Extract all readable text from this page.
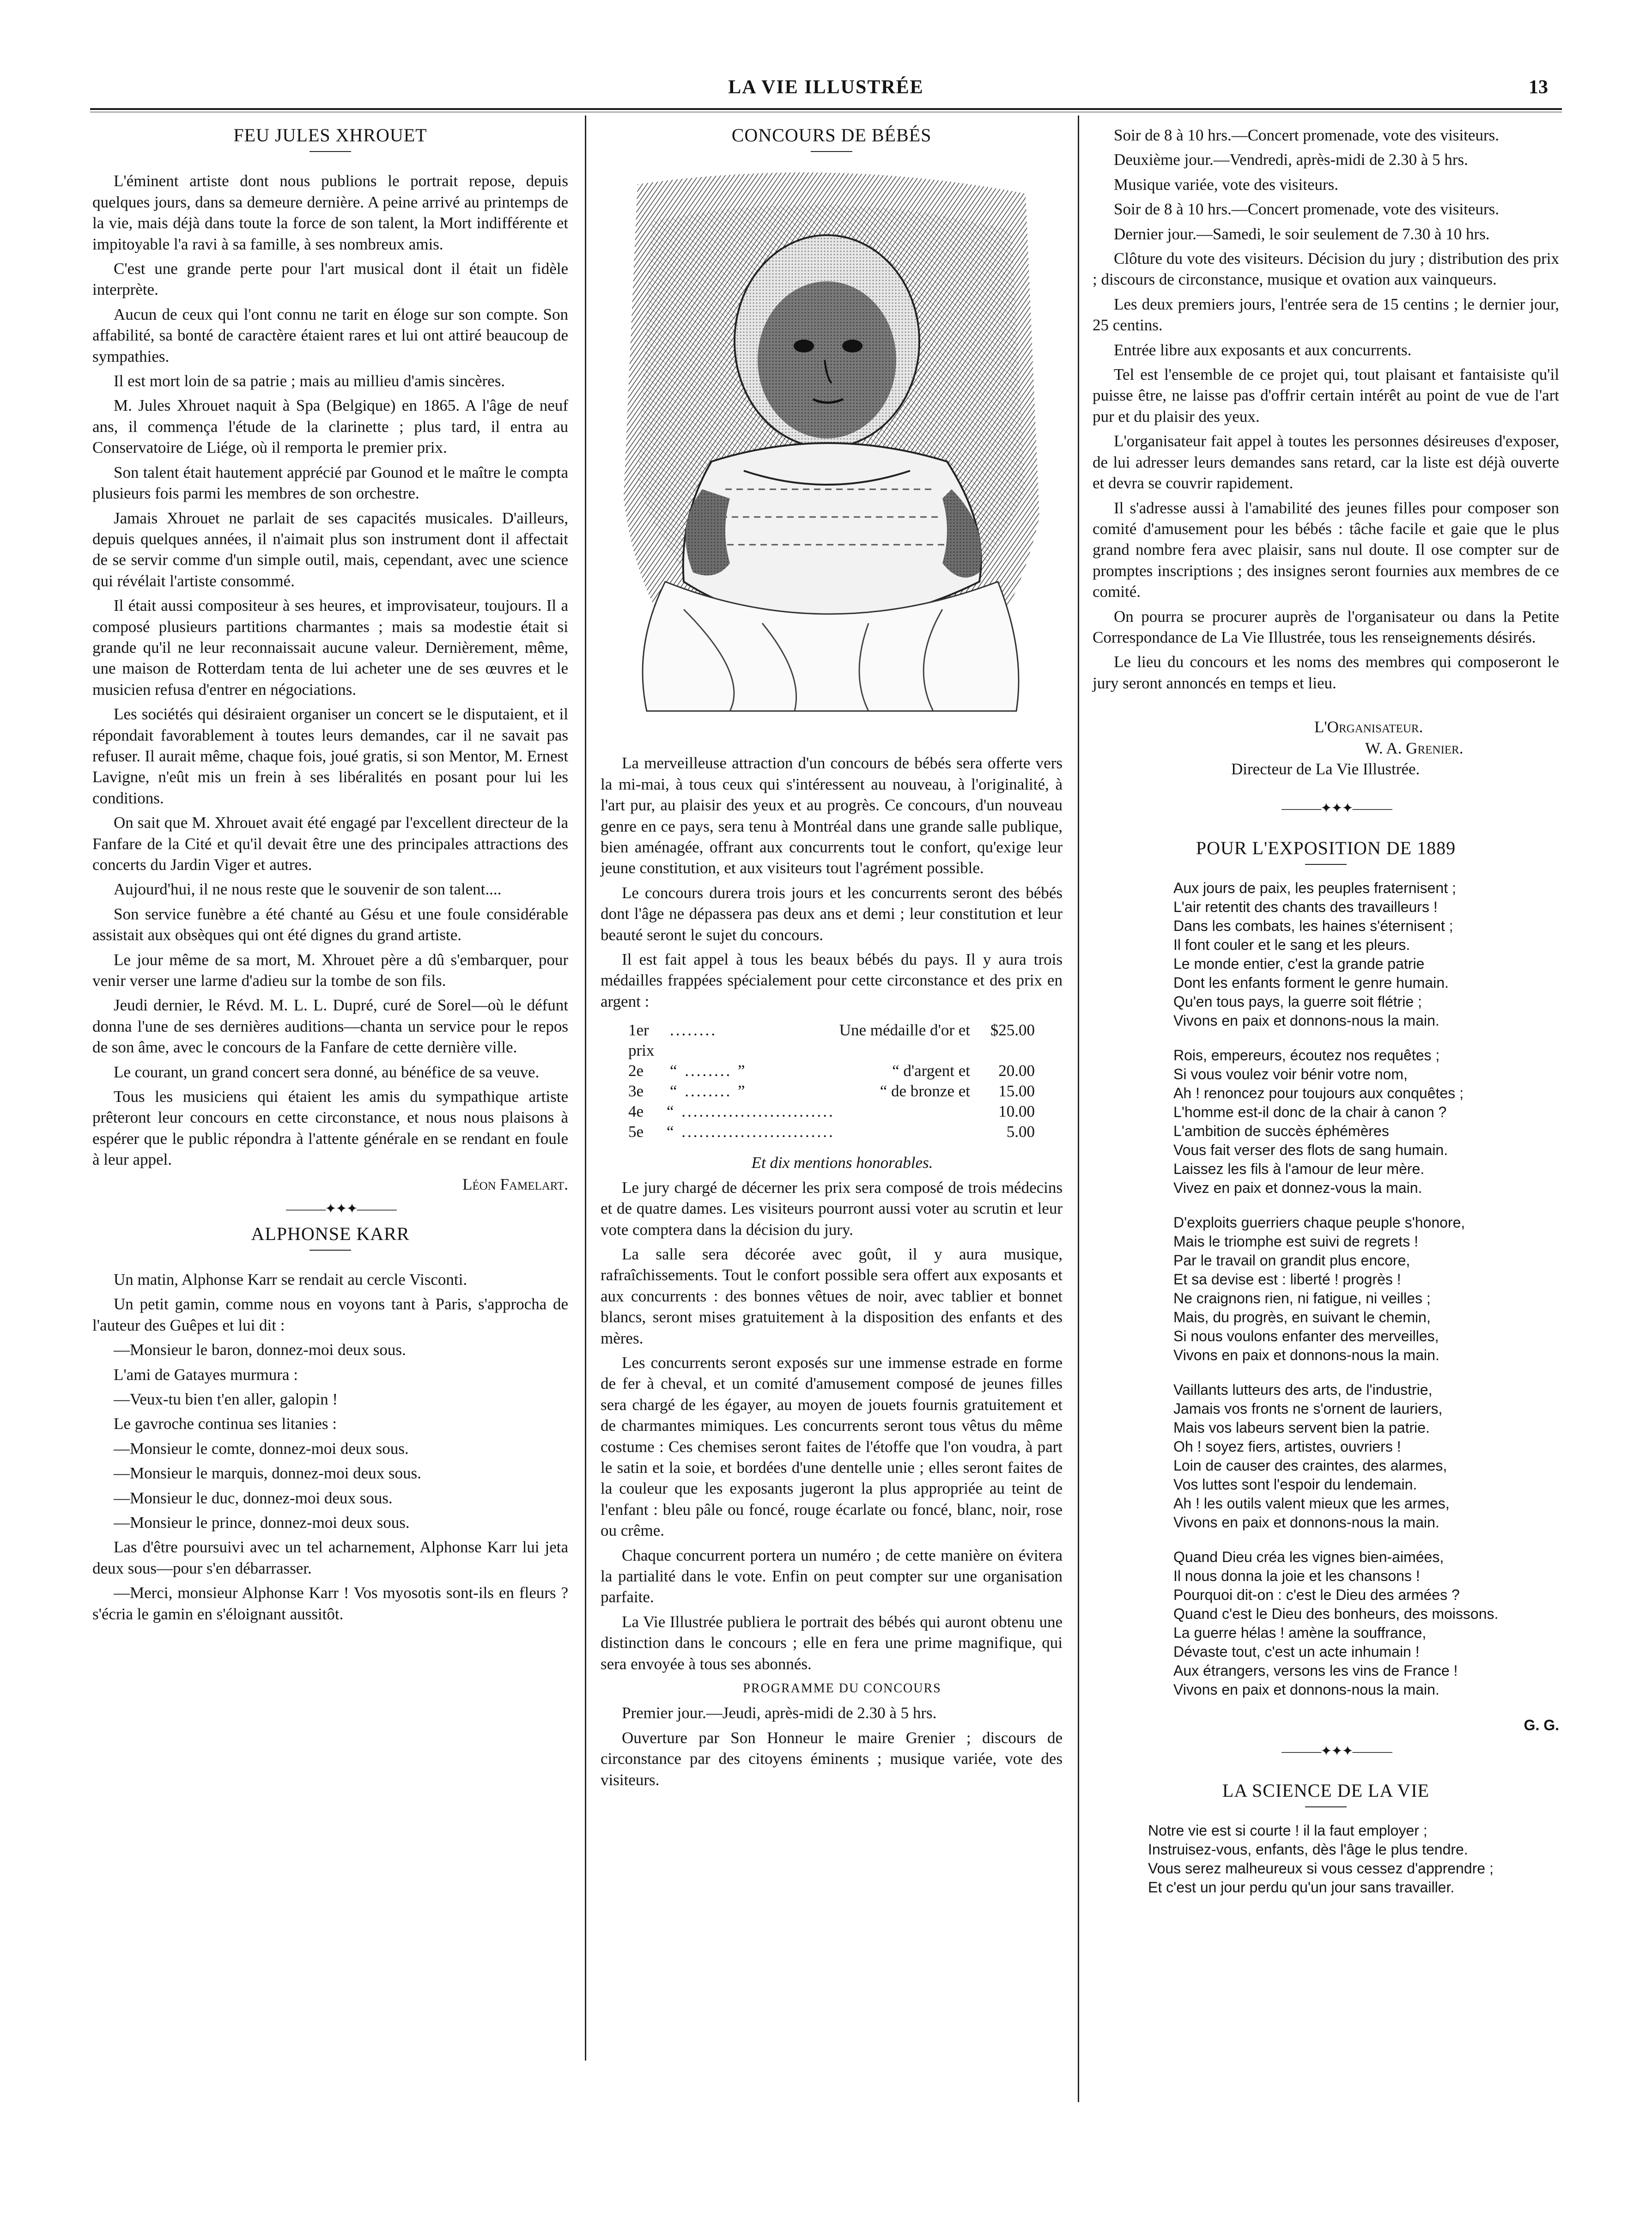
LA VIE ILLUSTRÉE	13
FEU JULES XHROUET

L'éminent artiste dont nous publions le portrait repose, depuis quelques jours, dans sa demeure dernière. A peine arrivé au printemps de la vie, mais déjà dans toute la force de son talent, la Mort indifférente et impitoyable l'a ravi à sa famille, à ses nombreux amis.

C'est une grande perte pour l'art musical dont il était un fidèle interprète.

Aucun de ceux qui l'ont connu ne tarit en éloge sur son compte. Son affabilité, sa bonté de caractère étaient rares et lui ont attiré beaucoup de sympathies.

Il est mort loin de sa patrie ; mais au millieu d'amis sincères.

M. Jules Xhrouet naquit à Spa (Belgique) en 1865. A l'âge de neuf ans, il commença l'étude de la clarinette ; plus tard, il entra au Conservatoire de Liége, où il remporta le premier prix.

Son talent était hautement apprécié par Gounod et le maître le compta plusieurs fois parmi les membres de son orchestre.

Jamais Xhrouet ne parlait de ses capacités musicales. D'ailleurs, depuis quelques années, il n'aimait plus son instrument dont il affectait de se servir comme d'un simple outil, mais, cependant, avec une science qui révélait l'artiste consommé.

Il était aussi compositeur à ses heures, et improvisateur, toujours. Il a composé plusieurs partitions charmantes ; mais sa modestie était si grande qu'il ne leur reconnaissait aucune valeur. Dernièrement, même, une maison de Rotterdam tenta de lui acheter une de ses œuvres et le musicien refusa d'entrer en négociations.

Les sociétés qui désiraient organiser un concert se le disputaient, et il répondait favorablement à toutes leurs demandes, car il ne savait pas refuser. Il aurait même, chaque fois, joué gratis, si son Mentor, M. Ernest Lavigne, n'eût mis un frein à ses libéralités en posant pour lui les conditions.

On sait que M. Xhrouet avait été engagé par l'excellent directeur de la Fanfare de la Cité et qu'il devait être une des principales attractions des concerts du Jardin Viger et autres.

Aujourd'hui, il ne nous reste que le souvenir de son talent....

Son service funèbre a été chanté au Gésu et une foule considérable assistait aux obsèques qui ont été dignes du grand artiste.

Le jour même de sa mort, M. Xhrouet père a dû s'embarquer, pour venir verser une larme d'adieu sur la tombe de son fils.

Jeudi dernier, le Révd. M. L. L. Dupré, curé de Sorel—où le défunt donna l'une de ses dernières auditions—chanta un service pour le repos de son âme, avec le concours de la Fanfare de cette dernière ville.

Le courant, un grand concert sera donné, au bénéfice de sa veuve.

Tous les musiciens qui étaient les amis du sympathique artiste prêteront leur concours en cette circonstance, et nous nous plaisons à espérer que le public répondra à l'attente générale en se rendant en foule à leur appel.

Léon Famelart.

———✦✦✦———

ALPHONSE KARR

Un matin, Alphonse Karr se rendait au cercle Visconti.

Un petit gamin, comme nous en voyons tant à Paris, s'approcha de l'auteur des Guêpes et lui dit :

—Monsieur le baron, donnez-moi deux sous.

L'ami de Gatayes murmura :

—Veux-tu bien t'en aller, galopin !

Le gavroche continua ses litanies :

—Monsieur le comte, donnez-moi deux sous.

—Monsieur le marquis, donnez-moi deux sous.

—Monsieur le duc, donnez-moi deux sous.

—Monsieur le prince, donnez-moi deux sous.

Las d'être poursuivi avec un tel acharnement, Alphonse Karr lui jeta deux sous—pour s'en débarrasser.

—Merci, monsieur Alphonse Karr ! Vos myosotis sont-ils en fleurs ? s'écria le gamin en s'éloignant aussitôt.

CONCOURS DE BÉBÉS

La merveilleuse attraction d'un concours de bébés sera offerte vers la mi-mai, à tous ceux qui s'intéressent au nouveau, à l'originalité, à l'art pur, au plaisir des yeux et au progrès. Ce concours, d'un nouveau genre en ce pays, sera tenu à Montréal dans une grande salle publique, bien aménagée, offrant aux concurrents tout le confort, qu'exige leur jeune constitution, et aux visiteurs tout l'agrément possible.

Le concours durera trois jours et les concurrents seront des bébés dont l'âge ne dépassera pas deux ans et demi ; leur constitution et leur beauté seront le sujet du concours.

Il est fait appel à tous les beaux bébés du pays. Il y aura trois médailles frappées spécialement pour cette circonstance et des prix en argent :

1er prix
........	Une médaille d'or et	$25.00
2e	“ ........ ”	“ d'argent et	20.00
3e	“ ........ ”	“ de bronze et	15.00
4e	“ ..........................	10.00
5e	“ ..........................	5.00

Et dix mentions honorables.

Le jury chargé de décerner les prix sera composé de trois médecins et de quatre dames. Les visiteurs pourront aussi voter au scrutin et leur vote comptera dans la décision du jury.

La salle sera décorée avec goût, il y aura musique, rafraîchissements. Tout le confort possible sera offert aux exposants et aux concurrents : des bonnes vêtues de noir, avec tablier et bonnet blancs, seront mises gratuitement à la disposition des enfants et des mères.

Les concurrents seront exposés sur une immense estrade en forme de fer à cheval, et un comité d'amusement composé de jeunes filles sera chargé de les égayer, au moyen de jouets fournis gratuitement et de charmantes mimiques. Les concurrents seront tous vêtus du même costume : Ces chemises seront faites de l'étoffe que l'on voudra, à part le satin et la soie, et bordées d'une dentelle unie ; elles seront faites de la couleur que les exposants jugeront la plus appropriée au teint de l'enfant : bleu pâle ou foncé, rouge écarlate ou foncé, blanc, noir, rose ou crême.

Chaque concurrent portera un numéro ; de cette manière on évitera la partialité dans le vote. Enfin on peut compter sur une organisation parfaite.

La Vie Illustrée publiera le portrait des bébés qui auront obtenu une distinction dans le concours ; elle en fera une prime magnifique, qui sera envoyée à tous ses abonnés.

PROGRAMME DU CONCOURS

Premier jour.—Jeudi, après-midi de 2.30 à 5 hrs.

Ouverture par Son Honneur le maire Grenier ; discours de circonstance par des citoyens éminents ; musique variée, vote des visiteurs.

Soir de 8 à 10 hrs.—Concert promenade, vote des visiteurs.

Deuxième jour.—Vendredi, après-midi de 2.30 à 5 hrs.

Musique variée, vote des visiteurs.

Soir de 8 à 10 hrs.—Concert promenade, vote des visiteurs.

Dernier jour.—Samedi, le soir seulement de 7.30 à 10 hrs.

Clôture du vote des visiteurs. Décision du jury ; distribution des prix ; discours de circonstance, musique et ovation aux vainqueurs.

Les deux premiers jours, l'entrée sera de 15 centins ; le dernier jour, 25 centins.

Entrée libre aux exposants et aux concurrents.

Tel est l'ensemble de ce projet qui, tout plaisant et fantaisiste qu'il puisse être, ne laisse pas d'offrir certain intérêt au point de vue de l'art pur et du plaisir des yeux.

L'organisateur fait appel à toutes les personnes désireuses d'exposer, de lui adresser leurs demandes sans retard, car la liste est déjà ouverte et devra se couvrir rapidement.

Il s'adresse aussi à l'amabilité des jeunes filles pour composer son comité d'amusement pour les bébés : tâche facile et gaie que le plus grand nombre fera avec plaisir, sans nul doute. Il ose compter sur de promptes inscriptions ; des insignes seront fournies aux membres de ce comité.

On pourra se procurer auprès de l'organisateur ou dans la Petite Correspondance de La Vie Illustrée, tous les renseignements désirés.

Le lieu du concours et les noms des membres qui composeront le jury seront annoncés en temps et lieu.

L'Organisateur.
W. A. Grenier.
Directeur de La Vie Illustrée.

———✦✦✦———

POUR L'EXPOSITION DE 1889
Aux jours de paix, les peuples fraternisent ;
L'air retentit des chants des travailleurs !
Dans les combats, les haines s'éternisent ;
Il font couler et le sang et les pleurs.
Le monde entier, c'est la grande patrie
Dont les enfants forment le genre humain.
Qu'en tous pays, la guerre soit flétrie ;
Vivons en paix et donnons-nous la main.
Rois, empereurs, écoutez nos requêtes ;
Si vous voulez voir bénir votre nom,
Ah ! renoncez pour toujours aux conquêtes ;
L'homme est-il donc de la chair à canon ?
L'ambition de succès éphémères
Vous fait verser des flots de sang humain.
Laissez les fils à l'amour de leur mère.
Vivez en paix et donnez-vous la main.
D'exploits guerriers chaque peuple s'honore,
Mais le triomphe est suivi de regrets !
Par le travail on grandit plus encore,
Et sa devise est : liberté ! progrès !
Ne craignons rien, ni fatigue, ni veilles ;
Mais, du progrès, en suivant le chemin,
Si nous voulons enfanter des merveilles,
Vivons en paix et donnons-nous la main.
Vaillants lutteurs des arts, de l'industrie,
Jamais vos fronts ne s'ornent de lauriers,
Mais vos labeurs servent bien la patrie.
Oh ! soyez fiers, artistes, ouvriers !
Loin de causer des craintes, des alarmes,
Vos luttes sont l'espoir du lendemain.
Ah ! les outils valent mieux que les armes,
Vivons en paix et donnons-nous la main.
Quand Dieu créa les vignes bien-aimées,
Il nous donna la joie et les chansons !
Pourquoi dit-on : c'est le Dieu des armées ?
Quand c'est le Dieu des bonheurs, des moissons.
La guerre hélas ! amène la souffrance,
Dévaste tout, c'est un acte inhumain !
Aux étrangers, versons les vins de France !
Vivons en paix et donnons-nous la main.

G. G.

———✦✦✦———

LA SCIENCE DE LA VIE
Notre vie est si courte ! il la faut employer ;
Instruisez-vous, enfants, dès l'âge le plus tendre.
Vous serez malheureux si vous cessez d'apprendre ;
Et c'est un jour perdu qu'un jour sans travailler.
